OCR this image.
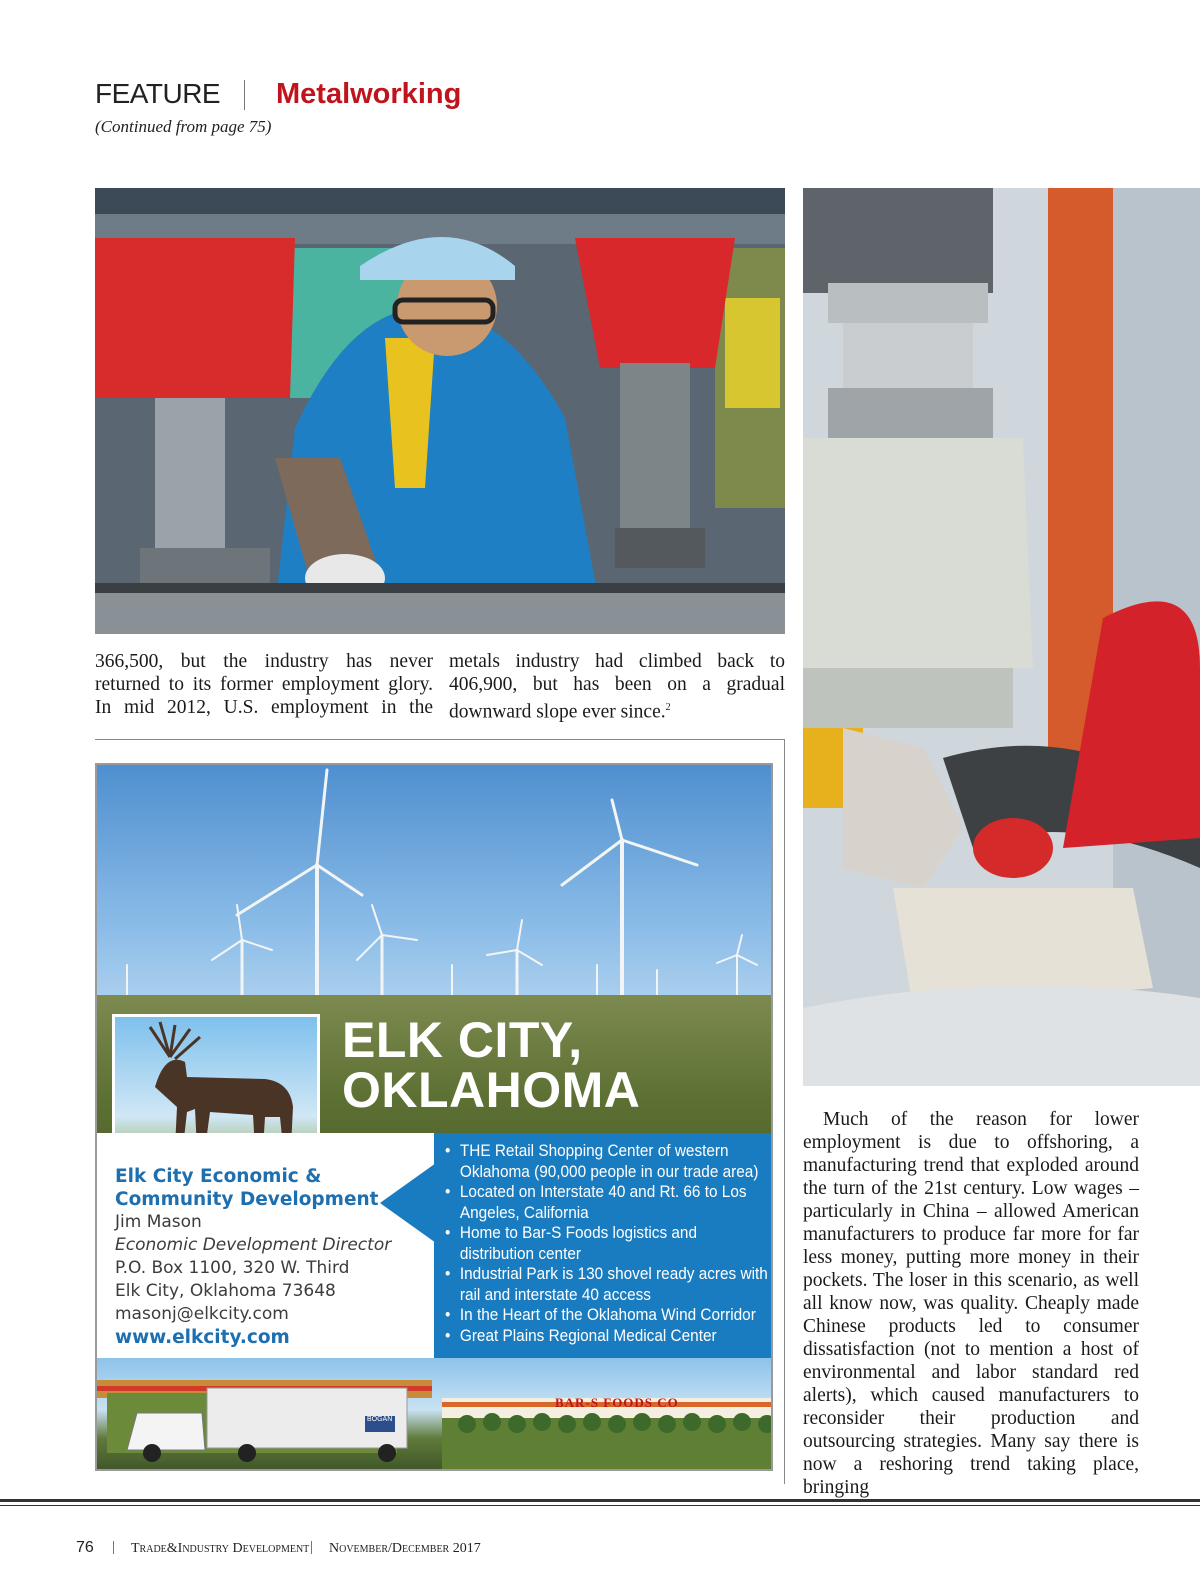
FEATURE Metalworking
(Continued from page 75)
366,500, but the industry has never returned to its former employment glory. In mid 2012, U.S. employment in the
metals industry had climbed back to 406,900, but has been on a gradual downward slope ever since.$^2$
ELK CITY,
OKLAHOMA
Elk City Economic &
Community Development
Jim Mason
Economic Development Director
P.O. Box 1100, 320 W. Third
Elk City, Oklahoma 73648
masonj@elkcity.com
www.elkcity.com
• THE Retail Shopping Center of western Oklahoma (90,000 people in our trade area)
• Located on Interstate 40 and Rt. 66 to Los Angeles, California
• Home to Bar-S Foods logistics and distribution center
• Industrial Park is 130 shovel ready acres with rail and interstate 40 access
• In the Heart of the Oklahoma Wind Corridor
• Great Plains Regional Medical Center
BAR-S FOODS CO
BOGAN
Much of the reason for lower employment is due to offshoring, a manufacturing trend that exploded around the turn of the 21st century. Low wages – particularly in China – allowed American manufacturers to produce far more for far less money, putting more money in their pockets. The loser in this scenario, as well all know now, was quality. Cheaply made Chinese products led to consumer dissatisfaction (not to mention a host of environmental and labor standard red alerts), which caused manufacturers to reconsider their production and outsourcing strategies. Many say there is now a reshoring trend taking place, bringing
76 | Trade&Industry Development | November/December 2017
